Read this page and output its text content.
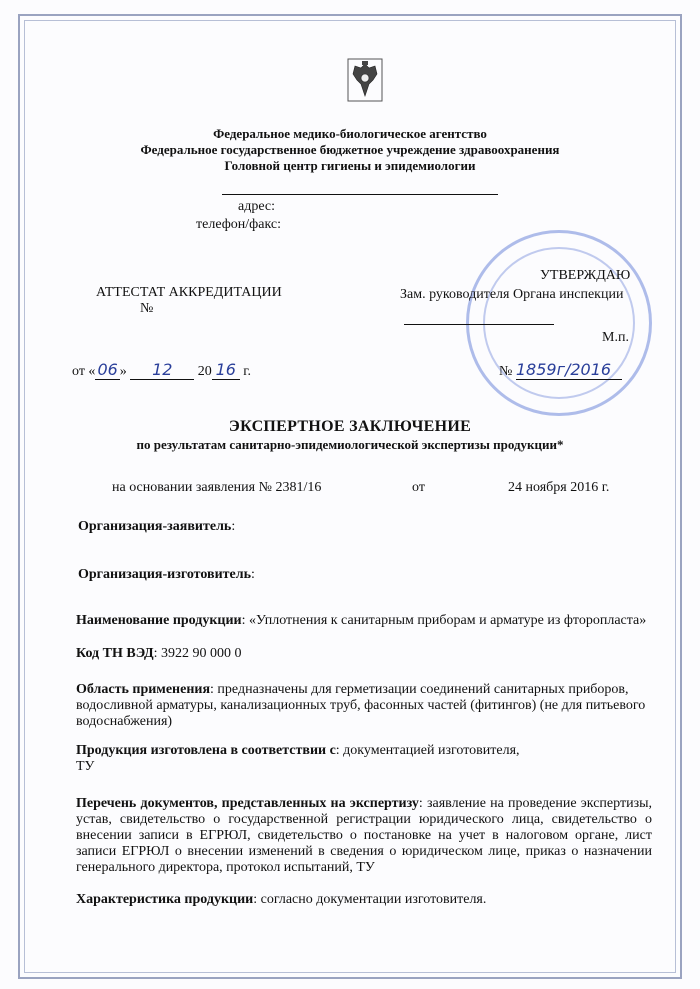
Федеральное медико-биологическое агентство
Федеральное государственное бюджетное учреждение здравоохранения
Головной центр гигиены и эпидемиологии
адрес:
телефон/факс:
АТТЕСТАТ АККРЕДИТАЦИИ
№
УТВЕРЖДАЮ
Зам. руководителя Органа инспекции
М.п.
от « 06 » 12 20 16 г.	№ 1859г/2016
ЭКСПЕРТНОЕ ЗАКЛЮЧЕНИЕ
по результатам санитарно-эпидемиологической экспертизы продукции*
на основании заявления № 2381/16	от	24 ноября 2016 г.
Организация-заявитель:
Организация-изготовитель:
Наименование продукции: «Уплотнения к санитарным приборам и арматуре из фторопласта»
Код ТН ВЭД: 3922 90 000 0
Область применения: предназначены для герметизации соединений санитарных приборов, водосливной арматуры, канализационных труб, фасонных частей (фитингов) (не для питьевого водоснабжения)
Продукция изготовлена в соответствии с: документацией изготовителя,
ТУ
Перечень документов, представленных на экспертизу: заявление на проведение экспертизы, устав, свидетельство о государственной регистрации юридического лица, свидетельство о внесении записи в ЕГРЮЛ, свидетельство о постановке на учет в налоговом органе, лист записи ЕГРЮЛ о внесении изменений в сведения о юридическом лице, приказ о назначении генерального директора, протокол испытаний, ТУ
Характеристика продукции: согласно документации изготовителя.
